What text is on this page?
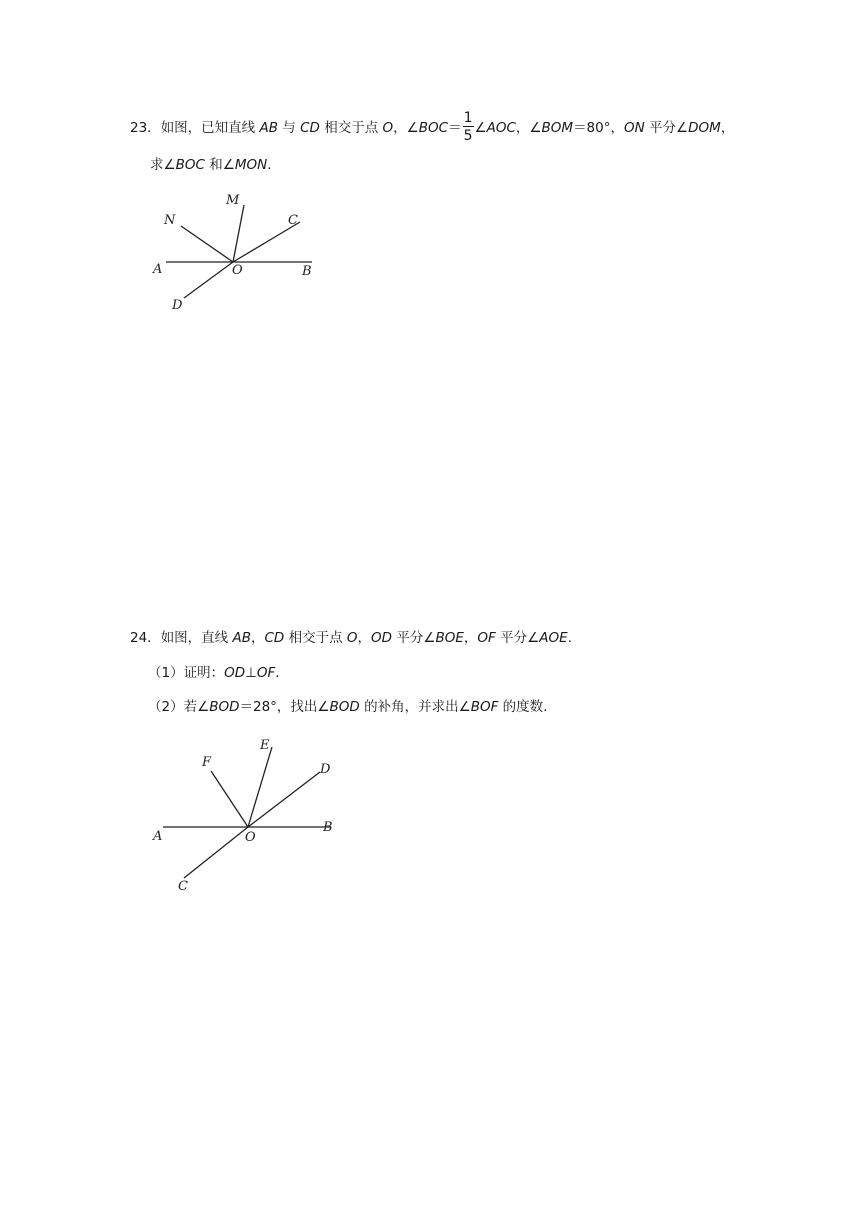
23．如图，已知直线 AB 与 CD 相交于点 O，∠BOC＝ $\frac{1}{5}$ ∠AOC，∠BOM＝80°，ON 平分∠DOM，
求∠BOC 和∠MON.
N
M
C
A	O	B
D
24．如图，直线 AB，CD 相交于点 O，OD 平分∠BOE，OF 平分∠AOE.
（1）证明：OD⊥OF.
（2）若∠BOD＝28°，找出∠BOD 的补角，并求出∠BOF 的度数.
F
E
D
A	O
B
C
